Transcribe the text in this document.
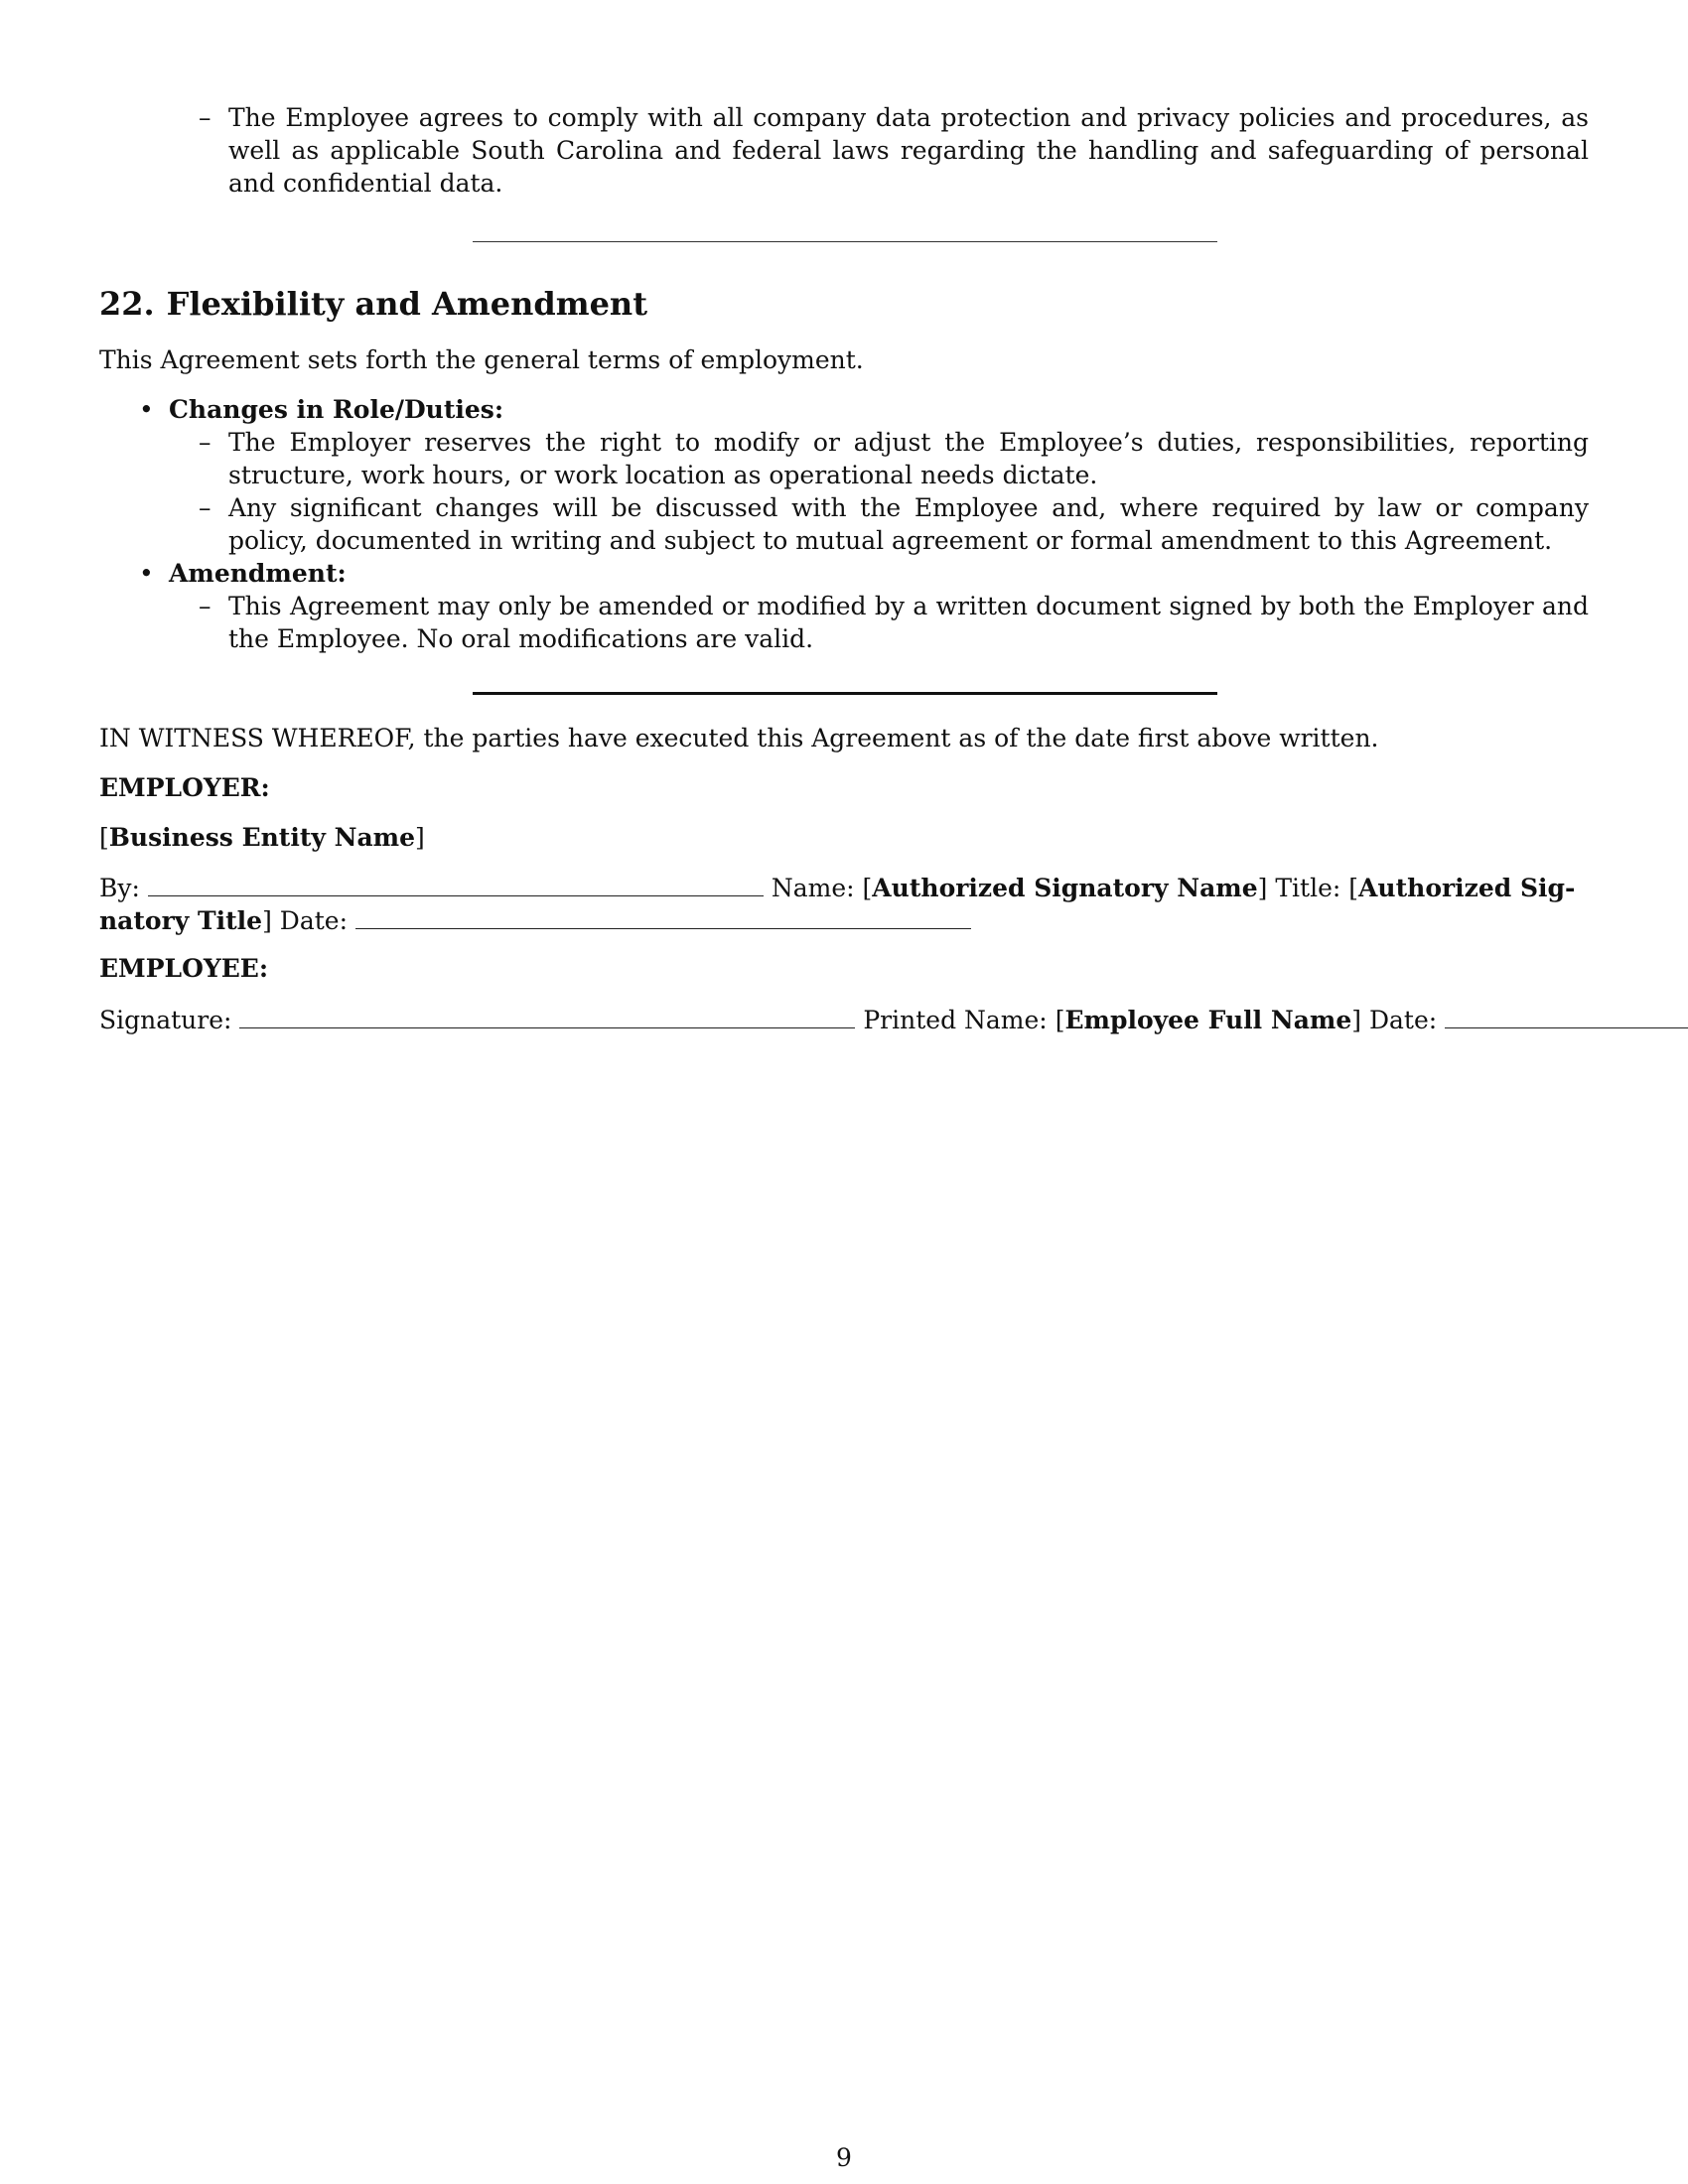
– The Employee agrees to comply with all company data protection and privacy policies and procedures, as well as applicable South Carolina and federal laws regarding the handling and safeguarding of personal and confidential data.
22. Flexibility and Amendment
This Agreement sets forth the general terms of employment.
• Changes in Role/Duties:
– The Employer reserves the right to modify or adjust the Employee’s duties, responsibilities, reporting structure, work hours, or work location as operational needs dictate.
– Any significant changes will be discussed with the Employee and, where required by law or company policy, documented in writing and subject to mutual agreement or formal amendment to this Agreement.
• Amendment:
– This Agreement may only be amended or modified by a written document signed by both the Employer and the Employee. No oral modifications are valid.
IN WITNESS WHEREOF, the parties have executed this Agreement as of the date first above written.
EMPLOYER:
[Business Entity Name]
By:	Name: [Authorized Signatory Name] Title: [Authorized Sig-
natory Title] Date:
EMPLOYEE:
Signature:	Printed Name: [Employee Full Name] Date:
9
